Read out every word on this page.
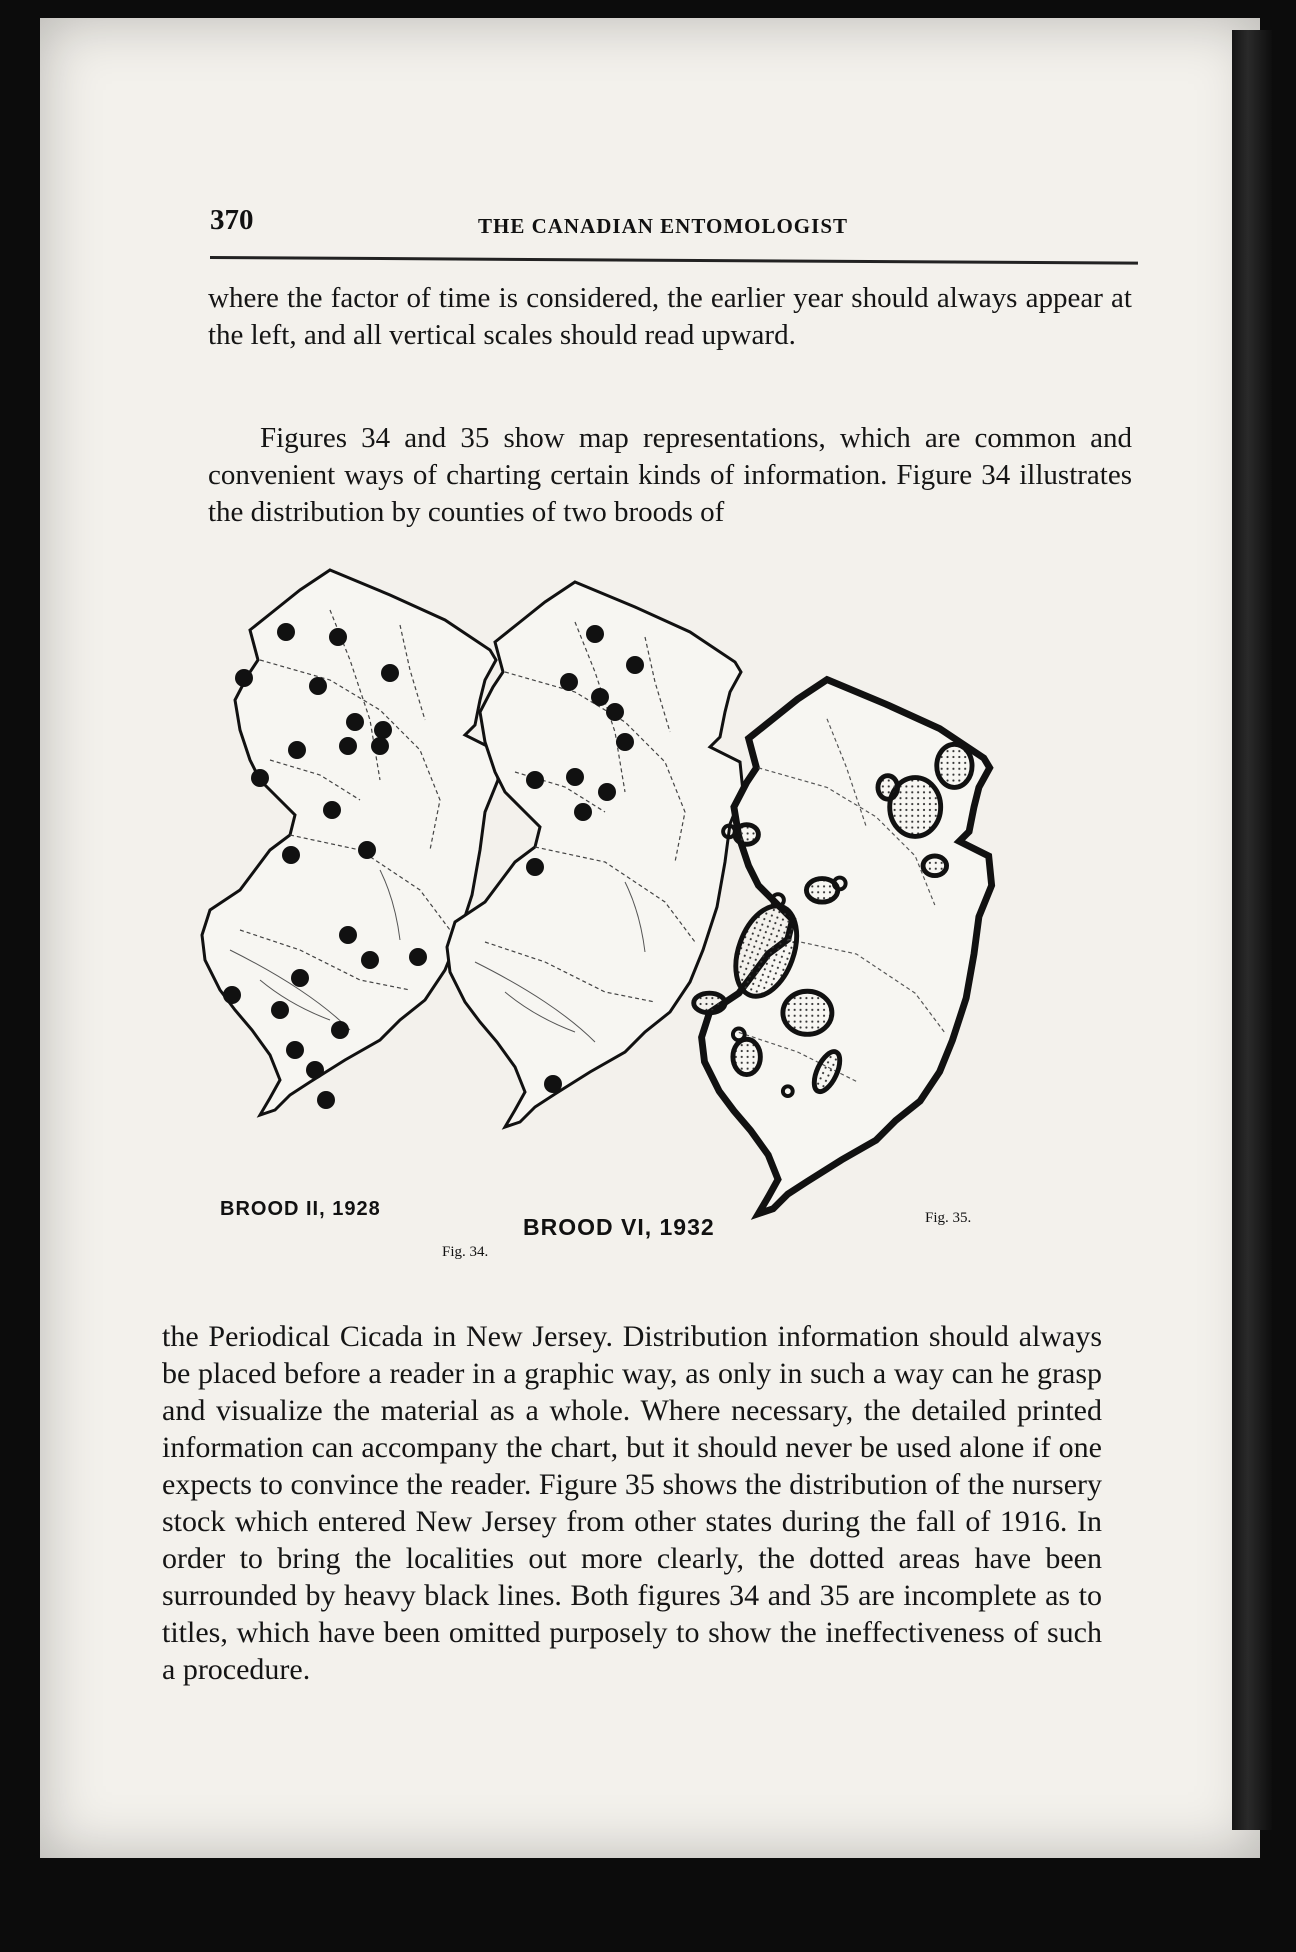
370	THE CANADIAN ENTOMOLOGIST

where the factor of time is considered, the earlier year should always appear at the left, and all vertical scales should read upward.

Figures 34 and 35 show map representations, which are common and convenient ways of charting certain kinds of information. Figure 34 illustrates the distribution by counties of two broods of

BROOD II, 1928
BROOD VI, 1932
Fig. 34.
Fig. 35.

the Periodical Cicada in New Jersey. Distribution information should always be placed before a reader in a graphic way, as only in such a way can he grasp and visualize the material as a whole. Where necessary, the detailed printed information can accompany the chart, but it should never be used alone if one expects to convince the reader. Figure 35 shows the distribution of the nursery stock which entered New Jersey from other states during the fall of 1916. In order to bring the localities out more clearly, the dotted areas have been surrounded by heavy black lines. Both figures 34 and 35 are incomplete as to titles, which have been omitted purposely to show the ineffectiveness of such a procedure.
